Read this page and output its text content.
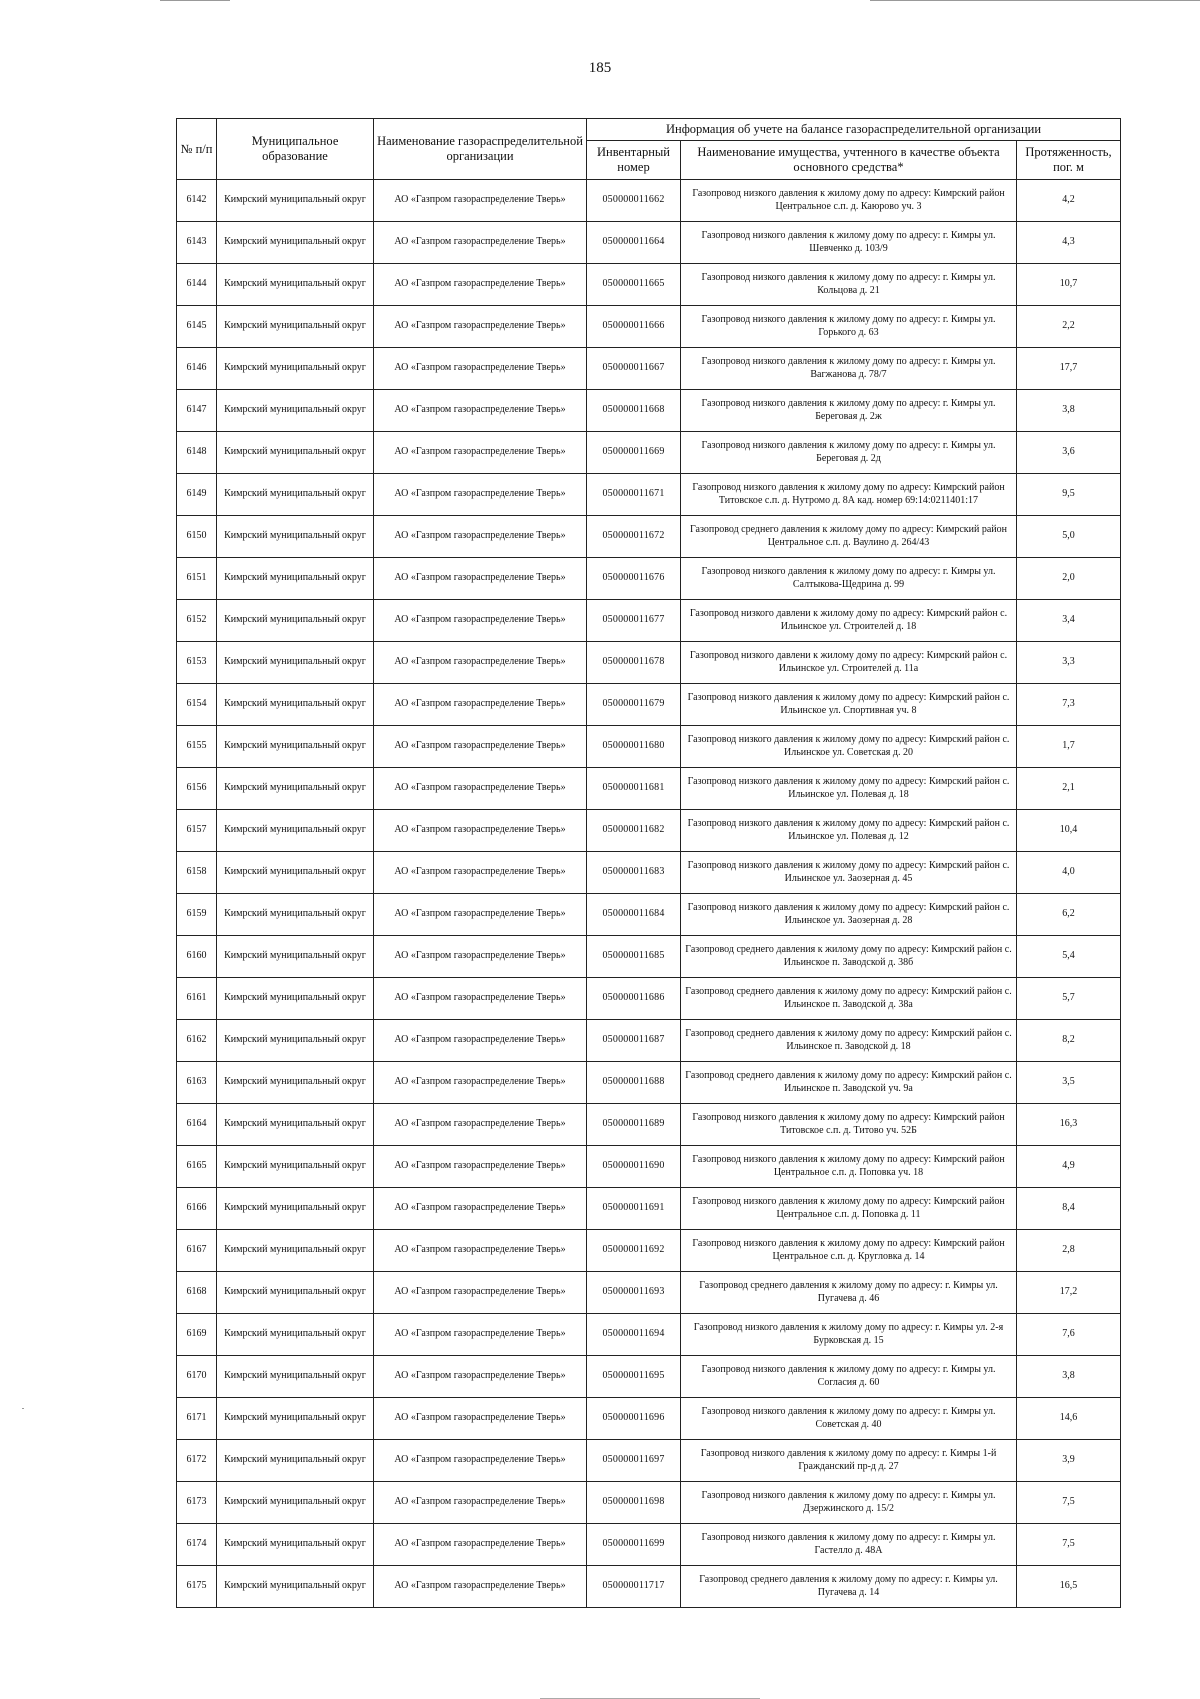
185
№ п/п	Муниципальное образование	Наименование газораспределительной организации	Информация об учете на балансе газораспределительной организации		
			Инвентарный номер	Наименование имущества, учтенного в качестве объекта основного средства*	Протяженность, пог. м
6142	Кимрский муниципальный округ	АО «Газпром газораспределение Тверь»	050000011662	Газопровод низкого давления к жилому дому по адресу: Кимрский район Центральное с.п. д. Каюрово уч. 3	4,2
6143	Кимрский муниципальный округ	АО «Газпром газораспределение Тверь»	050000011664	Газопровод низкого давления к жилому дому по адресу: г. Кимры ул. Шевченко д. 103/9	4,3
6144	Кимрский муниципальный округ	АО «Газпром газораспределение Тверь»	050000011665	Газопровод низкого давления к жилому дому по адресу: г. Кимры ул. Кольцова д. 21	10,7
6145	Кимрский муниципальный округ	АО «Газпром газораспределение Тверь»	050000011666	Газопровод низкого давления к жилому дому по адресу: г. Кимры ул. Горького д. 63	2,2
6146	Кимрский муниципальный округ	АО «Газпром газораспределение Тверь»	050000011667	Газопровод низкого давления к жилому дому по адресу: г. Кимры ул. Вагжанова д. 78/7	17,7
6147	Кимрский муниципальный округ	АО «Газпром газораспределение Тверь»	050000011668	Газопровод низкого давления к жилому дому по адресу: г. Кимры ул. Береговая д. 2ж	3,8
6148	Кимрский муниципальный округ	АО «Газпром газораспределение Тверь»	050000011669	Газопровод низкого давления к жилому дому по адресу: г. Кимры ул. Береговая д. 2д	3,6
6149	Кимрский муниципальный округ	АО «Газпром газораспределение Тверь»	050000011671	Газопровод низкого давления к жилому дому по адресу: Кимрский район Титовское с.п. д. Нутромо д. 8А кад. номер 69:14:0211401:17	9,5
6150	Кимрский муниципальный округ	АО «Газпром газораспределение Тверь»	050000011672	Газопровод среднего давления к жилому дому по адресу: Кимрский район Центральное с.п. д. Ваулино д. 264/43	5,0
6151	Кимрский муниципальный округ	АО «Газпром газораспределение Тверь»	050000011676	Газопровод низкого давления к жилому дому по адресу: г. Кимры ул. Салтыкова-Щедрина д. 99	2,0
6152	Кимрский муниципальный округ	АО «Газпром газораспределение Тверь»	050000011677	Газопровод низкого давлени к жилому дому по адресу: Кимрский район с. Ильинское ул. Строителей д. 18	3,4
6153	Кимрский муниципальный округ	АО «Газпром газораспределение Тверь»	050000011678	Газопровод низкого давлени к жилому дому по адресу: Кимрский район с. Ильинское ул. Строителей д. 11а	3,3
6154	Кимрский муниципальный округ	АО «Газпром газораспределение Тверь»	050000011679	Газопровод низкого давления к жилому дому по адресу: Кимрский район с. Ильинское ул. Спортивная уч. 8	7,3
6155	Кимрский муниципальный округ	АО «Газпром газораспределение Тверь»	050000011680	Газопровод низкого давления к жилому дому по адресу: Кимрский район с. Ильинское ул. Советская д. 20	1,7
6156	Кимрский муниципальный округ	АО «Газпром газораспределение Тверь»	050000011681	Газопровод низкого давления к жилому дому по адресу: Кимрский район с. Ильинское ул. Полевая д. 18	2,1
6157	Кимрский муниципальный округ	АО «Газпром газораспределение Тверь»	050000011682	Газопровод низкого давления к жилому дому по адресу: Кимрский район с. Ильинское ул. Полевая д. 12	10,4
6158	Кимрский муниципальный округ	АО «Газпром газораспределение Тверь»	050000011683	Газопровод низкого давления к жилому дому по адресу: Кимрский район с. Ильинское ул. Заозерная д. 45	4,0
6159	Кимрский муниципальный округ	АО «Газпром газораспределение Тверь»	050000011684	Газопровод низкого давления к жилому дому по адресу: Кимрский район с. Ильинское ул. Заозерная д. 28	6,2
6160	Кимрский муниципальный округ	АО «Газпром газораспределение Тверь»	050000011685	Газопровод среднего давления к жилому дому по адресу: Кимрский район с. Ильинское п. Заводской д. 38б	5,4
6161	Кимрский муниципальный округ	АО «Газпром газораспределение Тверь»	050000011686	Газопровод среднего давления к жилому дому по адресу: Кимрский район с. Ильинское п. Заводской д. 38а	5,7
6162	Кимрский муниципальный округ	АО «Газпром газораспределение Тверь»	050000011687	Газопровод среднего давления к жилому дому по адресу: Кимрский район с. Ильинское п. Заводской д. 18	8,2
6163	Кимрский муниципальный округ	АО «Газпром газораспределение Тверь»	050000011688	Газопровод среднего давления к жилому дому по адресу: Кимрский район с. Ильинское п. Заводской уч. 9а	3,5
6164	Кимрский муниципальный округ	АО «Газпром газораспределение Тверь»	050000011689	Газопровод низкого давления к жилому дому по адресу: Кимрский район Титовское с.п. д. Титово уч. 52Б	16,3
6165	Кимрский муниципальный округ	АО «Газпром газораспределение Тверь»	050000011690	Газопровод низкого давления к жилому дому по адресу: Кимрский район Центральное с.п. д. Поповка уч. 18	4,9
6166	Кимрский муниципальный округ	АО «Газпром газораспределение Тверь»	050000011691	Газопровод низкого давления к жилому дому по адресу: Кимрский район Центральное с.п. д. Поповка д. 11	8,4
6167	Кимрский муниципальный округ	АО «Газпром газораспределение Тверь»	050000011692	Газопровод низкого давления к жилому дому по адресу: Кимрский район Центральное с.п. д. Кругловка д. 14	2,8
6168	Кимрский муниципальный округ	АО «Газпром газораспределение Тверь»	050000011693	Газопровод среднего давления к жилому дому по адресу: г. Кимры ул. Пугачева д. 46	17,2
6169	Кимрский муниципальный округ	АО «Газпром газораспределение Тверь»	050000011694	Газопровод низкого давления к жилому дому по адресу: г. Кимры ул. 2-я Бурковская д. 15	7,6
6170	Кимрский муниципальный округ	АО «Газпром газораспределение Тверь»	050000011695	Газопровод низкого давления к жилому дому по адресу: г. Кимры ул. Согласия д. 60	3,8
6171	Кимрский муниципальный округ	АО «Газпром газораспределение Тверь»	050000011696	Газопровод низкого давления к жилому дому по адресу: г. Кимры ул. Советская д. 40	14,6
6172	Кимрский муниципальный округ	АО «Газпром газораспределение Тверь»	050000011697	Газопровод низкого давления к жилому дому по адресу: г. Кимры 1-й Гражданский пр-д д. 27	3,9
6173	Кимрский муниципальный округ	АО «Газпром газораспределение Тверь»	050000011698	Газопровод низкого давления к жилому дому по адресу: г. Кимры ул. Дзержинского д. 15/2	7,5
6174	Кимрский муниципальный округ	АО «Газпром газораспределение Тверь»	050000011699	Газопровод низкого давления к жилому дому по адресу: г. Кимры ул. Гастелло д. 48А	7,5
6175	Кимрский муниципальный округ	АО «Газпром газораспределение Тверь»	050000011717	Газопровод среднего давления к жилому дому по адресу: г. Кимры ул. Пугачева д. 14	16,5
